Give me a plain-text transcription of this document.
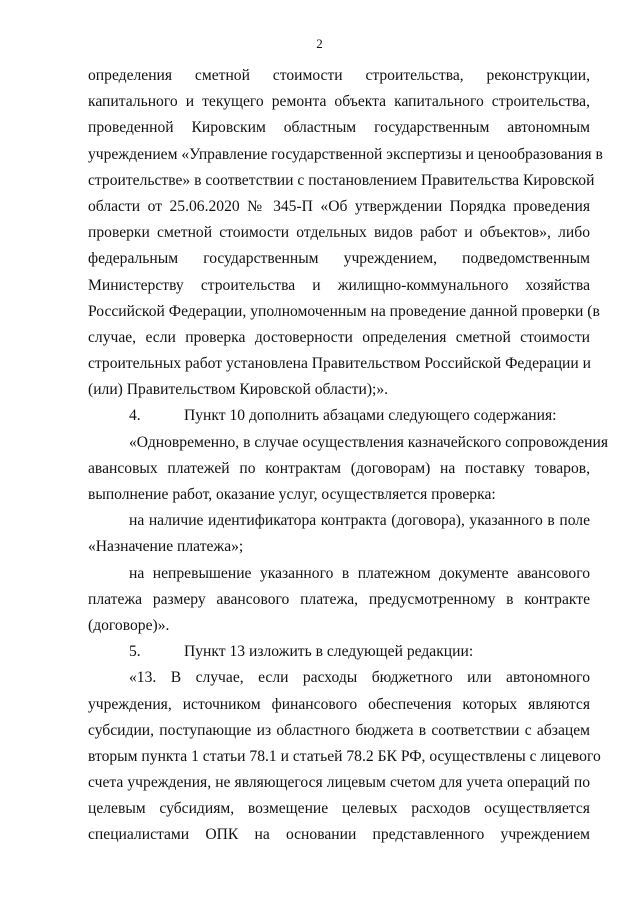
2
определения сметной стоимости строительства, реконструкции,
капитального и текущего ремонта объекта капитального строительства,
проведенной Кировским областным государственным автономным
учреждением «Управление государственной экспертизы и ценообразования в
строительстве» в соответствии с постановлением Правительства Кировской
области от 25.06.2020 № 345-П «Об утверждении Порядка проведения
проверки сметной стоимости отдельных видов работ и объектов», либо
федеральным государственным учреждением, подведомственным
Министерству строительства и жилищно-коммунального хозяйства
Российской Федерации, уполномоченным на проведение данной проверки (в
случае, если проверка достоверности определения сметной стоимости
строительных работ установлена Правительством Российской Федерации и
(или) Правительством Кировской области);».
4.	Пункт 10 дополнить абзацами следующего содержания:
«Одновременно, в случае осуществления казначейского сопровождения
авансовых платежей по контрактам (договорам) на поставку товаров,
выполнение работ, оказание услуг, осуществляется проверка:
на наличие идентификатора контракта (договора), указанного в поле
«Назначение платежа»;
на непревышение указанного в платежном документе авансового
платежа размеру авансового платежа, предусмотренному в контракте
(договоре)».
5.	Пункт 13 изложить в следующей редакции:
«13. В случае, если расходы бюджетного или автономного
учреждения, источником финансового обеспечения которых являются
субсидии, поступающие из областного бюджета в соответствии с абзацем
вторым пункта 1 статьи 78.1 и статьей 78.2 БК РФ, осуществлены с лицевого
счета учреждения, не являющегося лицевым счетом для учета операций по
целевым субсидиям, возмещение целевых расходов осуществляется
специалистами ОПК на основании представленного учреждением
